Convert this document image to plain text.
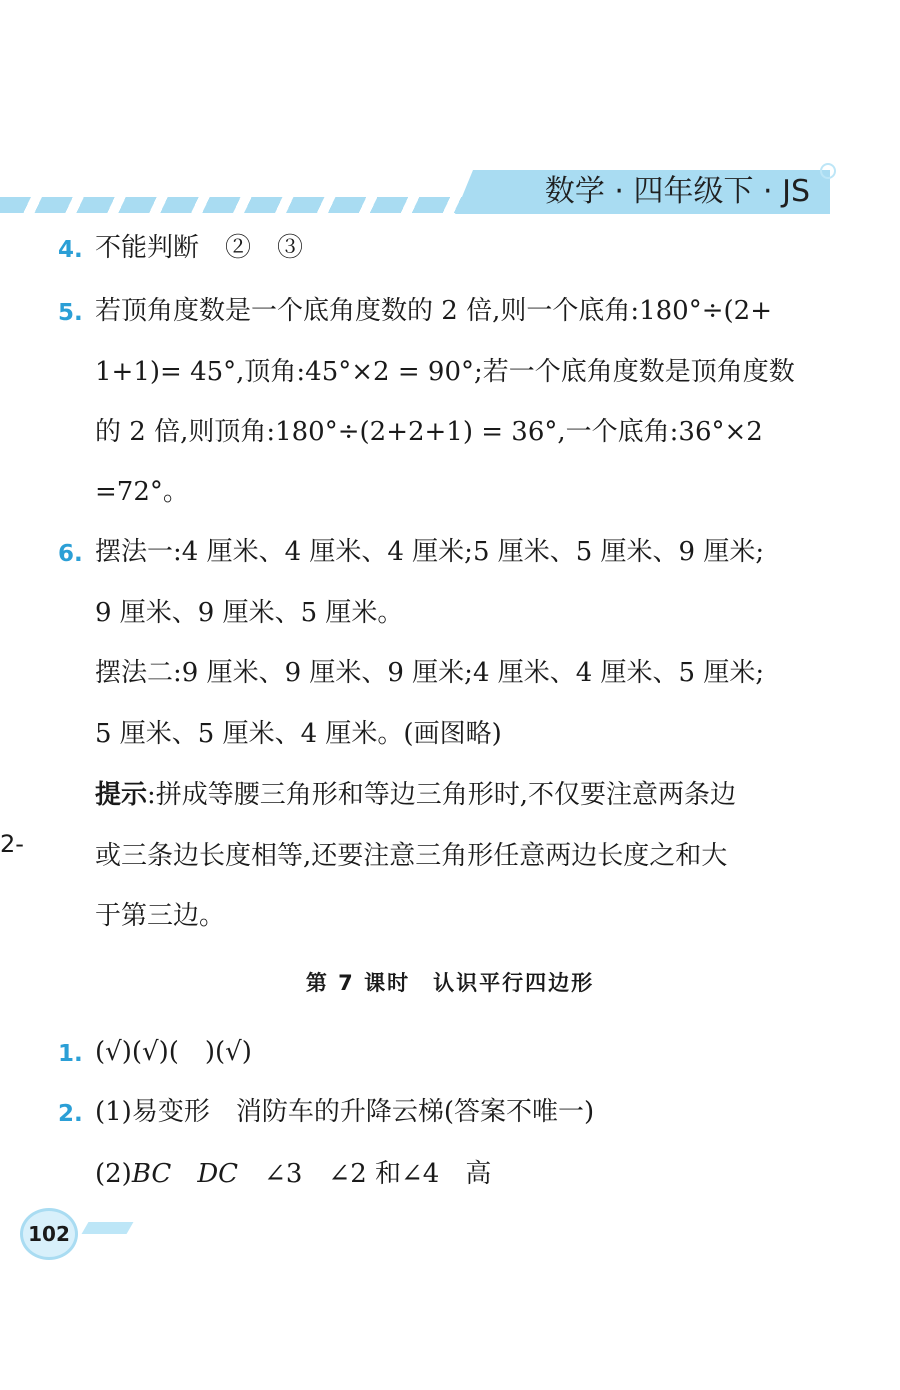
数学 · 四年级下 · JS
2-
4. 不能判断　②　③
5. 若顶角度数是一个底角度数的 2 倍,则一个底角:180°÷(2+
1+1)= 45°,顶角:45°×2 = 90°;若一个底角度数是顶角度数
的 2 倍,则顶角:180°÷(2+2+1) = 36°,一个底角:36°×2
=72°。
6. 摆法一:4 厘米、4 厘米、4 厘米;5 厘米、5 厘米、9 厘米;
9 厘米、9 厘米、5 厘米。
摆法二:9 厘米、9 厘米、9 厘米;4 厘米、4 厘米、5 厘米;
5 厘米、5 厘米、4 厘米。(画图略)
提示:拼成等腰三角形和等边三角形时,不仅要注意两条边
或三条边长度相等,还要注意三角形任意两边长度之和大
于第三边。
第 7 课时　认识平行四边形
1. (√)(√)(　)(√)
2. (1)易变形　消防车的升降云梯(答案不唯一)
(2)BC　DC　∠3　∠2 和∠4　高
102
